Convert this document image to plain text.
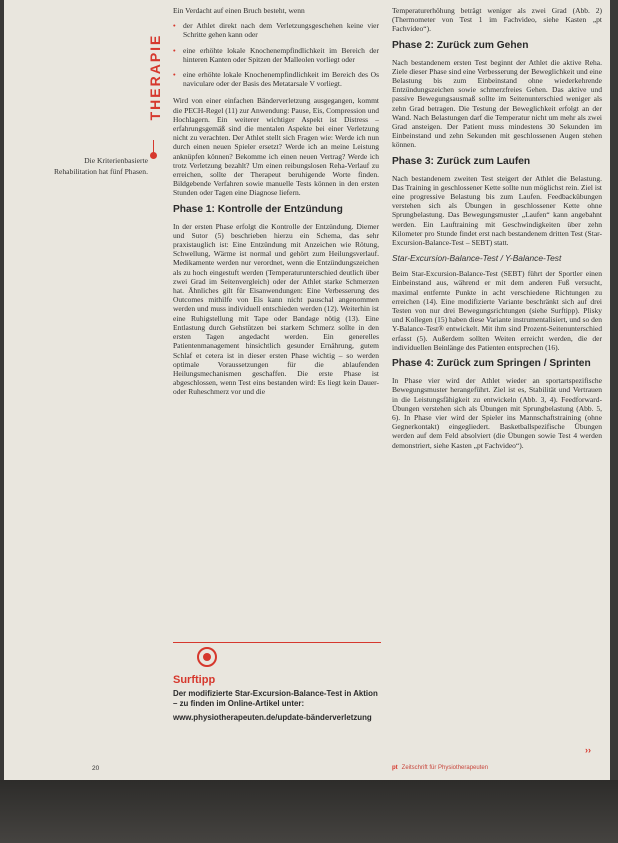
THERAPIE
Die Kriterienbasierte Rehabilitation hat fünf Phasen.

Ein Verdacht auf einen Bruch besteht, wenn

• der Athlet direkt nach dem Verletzungsgeschehen keine vier Schritte gehen kann oder
• eine erhöhte lokale Knochenempfindlichkeit im Bereich der hinteren Kanten oder Spitzen der Malleolen vorliegt oder
• eine erhöhte lokale Knochenempfindlichkeit im Bereich des Os naviculare oder der Basis des Metatarsale V vorliegt.

Wird von einer einfachen Bänderverletzung ausgegangen, kommt die PECH-Regel (11) zur Anwendung: Pause, Eis, Compression und Hochlagern. Ein weiterer wichtiger Aspekt ist Distress – erfahrungsgemäß sind die mentalen Aspekte bei einer Verletzung nicht zu verachten. Der Athlet stellt sich Fragen wie: Werde ich nun durch einen neuen Spieler ersetzt? Werde ich an meine Leistung anknüpfen können? Bekomme ich einen neuen Vertrag? Werde ich trotz Verletzung bezahlt? Um einen reibungslosen Reha-Verlauf zu erreichen, sollte der Therapeut beruhigende Worte finden. Bildgebende Verfahren sowie manuelle Tests können in den ersten Stunden oder Tagen eine Diagnose liefern.

Phase 1: Kontrolle der Entzündung

In der ersten Phase erfolgt die Kontrolle der Entzündung. Diemer und Sutor (5) beschrieben hierzu ein Schema, das sehr praxistauglich ist: Eine Entzündung mit Anzeichen wie Rötung, Schwellung, Wärme ist normal und gehört zum Heilungsverlauf. Medikamente werden nur verordnet, wenn die Entzündungszeichen als zu hoch eingestuft werden (Temperaturunterschied deutlich über zwei Grad im Seitenvergleich) oder der Athlet starke Schmerzen hat. Ähnliches gilt für Eisanwendungen: Eine Verbesserung des Outcomes mithilfe von Eis kann nicht pauschal angenommen werden und muss individuell entschieden werden (12). Weiterhin ist eine Ruhigstellung mit Tape oder Bandage nötig (13). Eine Entlastung durch Gehstützen bei starkem Schmerz sollte in den ersten Tagen angedacht werden. Ein generelles Patientenmanagement hinsichtlich gesunder Ernährung, gutem Schlaf et cetera ist in dieser ersten Phase wichtig – so werden optimale Voraussetzungen für die ablaufenden Heilungsmechanismen geschaffen. Die erste Phase ist abgeschlossen, wenn Test eins bestanden wird: Es liegt kein Dauer- oder Ruheschmerz vor und die

Surftipp
Der modifizierte Star-Excursion-Balance-Test in Aktion – zu finden im Online-Artikel unter:
www.physiotherapeuten.de/update-bänderverletzung

Temperaturerhöhung beträgt weniger als zwei Grad (Abb. 2) (Thermometer von Test 1 im Fachvideo, siehe Kasten „pt Fachvideo“).

Phase 2: Zurück zum Gehen

Nach bestandenem ersten Test beginnt der Athlet die aktive Reha. Ziele dieser Phase sind eine Verbesserung der Beweglichkeit und eine Belastung bis zum Einbeinstand ohne wiederkehrende Entzündungszeichen sowie schmerzfreies Gehen. Das aktive und passive Bewegungsausmaß sollte im Seitenunterschied weniger als zehn Grad betragen. Die Testung der Beweglichkeit erfolgt an der Wand. Nach Belastungen darf die Temperatur nicht um mehr als zwei Grad ansteigen. Der Patient muss mindestens 30 Sekunden im Einbeinstand und zehn Sekunden mit geschlossenen Augen stehen können.

Phase 3: Zurück zum Laufen

Nach bestandenem zweiten Test steigert der Athlet die Belastung. Das Training in geschlossener Kette sollte nun möglichst rein. Ziel ist eine progressive Belastung bis zum Laufen. Feedbackübungen verstehen sich als Übungen in geschlossener Kette ohne Sprungbelastung. Das Bewegungsmuster „Laufen“ kann angebahnt werden. Ein Lauftraining mit Geschwindigkeiten über zehn Kilometer pro Stunde findet erst nach bestandenem dritten Test (Star-Excursion-Balance-Test – SEBT) statt.

Star-Excursion-Balance-Test / Y-Balance-Test

Beim Star-Excursion-Balance-Test (SEBT) führt der Sportler einen Einbeinstand aus, während er mit dem anderen Fuß versucht, maximal entfernte Punkte in acht verschiedene Richtungen zu erreichen (14). Eine modifizierte Variante beschränkt sich auf drei Testen von nur drei Bewegungsrichtungen (siehe Surftipp). Plisky und Kollegen (15) haben diese Variante instrumentalisiert, und so den Y-Balance-Test® entwickelt. Mit ihm sind Prozent-Seitenunterschied erfasst (5). Außerdem sollten Weiten erreicht werden, die der individuellen Beinlänge des Patienten entsprechen (16).

Phase 4: Zurück zum Springen / Sprinten

In Phase vier wird der Athlet wieder an sportartspezifische Bewegungsmuster herangeführt. Ziel ist es, Stabilität und Vertrauen in die Leistungsfähigkeit zu entwickeln (Abb. 3, 4). Feedforward-Übungen verstehen sich als Übungen mit Sprungbelastung (Abb. 5, 6). In Phase vier wird der Spieler ins Mannschaftstraining (ohne Gegnerkontakt) eingegliedert. Basketballspezifische Übungen werden auf dem Feld absolviert (die Übungen sowie Test 4 werden demonstriert, siehe Kasten „pt Fachvideo“).

››
20	pt Zeitschrift für Physiotherapeuten
